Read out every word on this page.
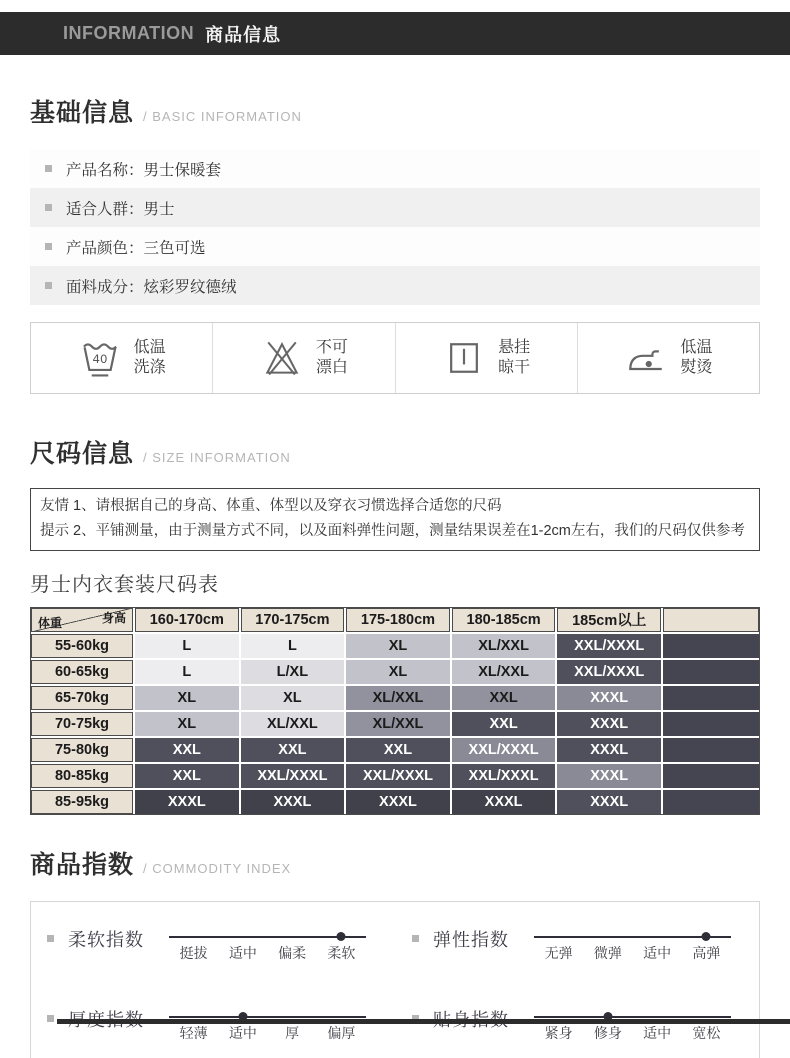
INFORMATION 商品信息
基础信息 / BASIC INFORMATION
产品名称：男士保暖套
适合人群：男士
产品颜色：三色可选
面料成分：炫彩罗纹德绒
40
低温
洗涤
不可
漂白
悬挂
晾干
低温
熨烫
尺码信息 / SIZE INFORMATION
友情 1、请根据自己的身高、体重、体型以及穿衣习惯选择合适您的尺码
提示 2、平铺测量，由于测量方式不同，以及面料弹性问题，测量结果误差在1-2cm左右，我们的尺码仅供参考
男士内衣套装尺码表
身高
体重	160-170cm	170-175cm	175-180cm	180-185cm	185cm以上
55-60kg	L	L	XL	XL/XXL	XXL/XXXL
60-65kg	L	L/XL	XL	XL/XXL	XXL/XXXL
65-70kg	XL	XL	XL/XXL	XXL	XXXL
70-75kg	XL	XL/XXL	XL/XXL	XXL	XXXL
75-80kg	XXL	XXL	XXL	XXL/XXXL	XXXL
80-85kg	XXL	XXL/XXXL	XXL/XXXL	XXL/XXXL	XXXL
85-95kg	XXXL	XXXL	XXXL	XXXL	XXXL
商品指数 / COMMODITY INDEX
柔软指数
挺拔	适中	偏柔	柔软
弹性指数
无弹	微弹	适中	高弹
轻薄	适中	厚	偏厚	紧身	修身	适中	宽松
